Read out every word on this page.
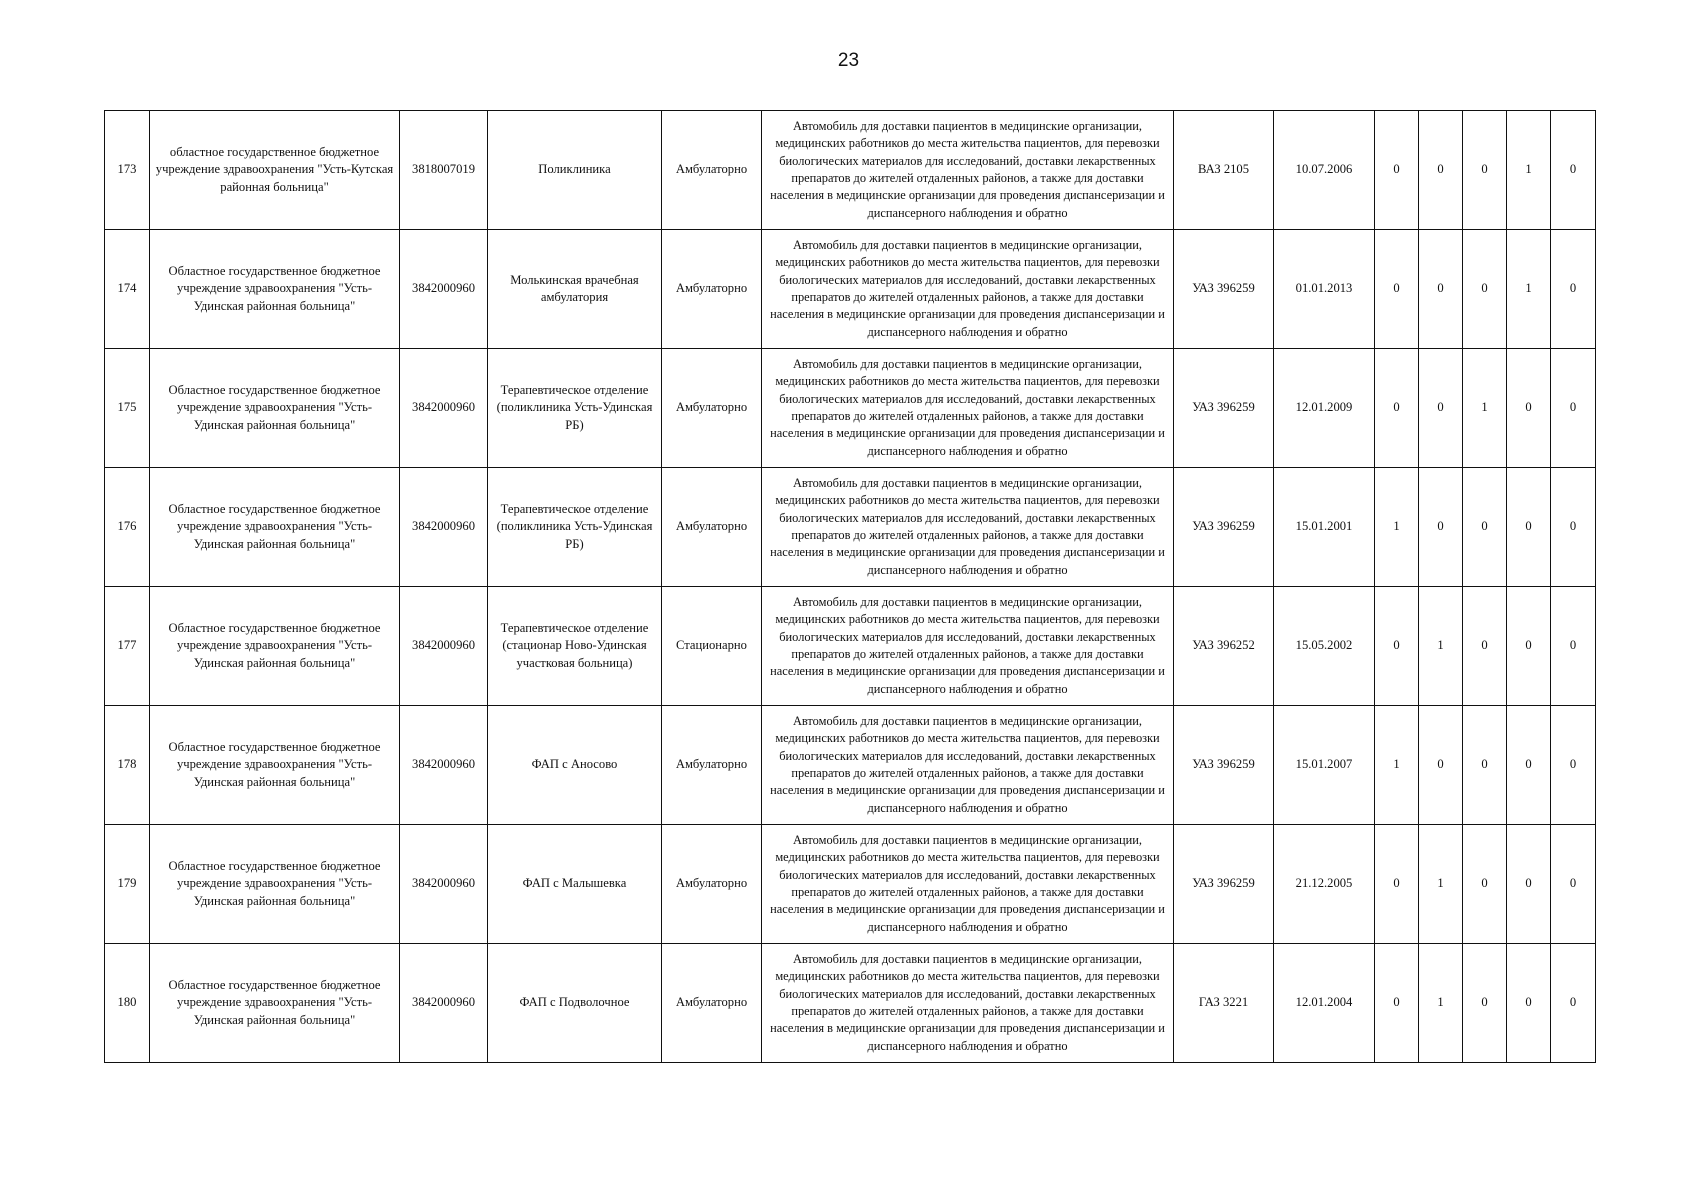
23
173	областное государственное бюджетное учреждение здравоохранения "Усть-Кутская районная больница"	3818007019	Поликлиника	Амбулаторно	Автомобиль для доставки пациентов в медицинские организации, медицинских работников до места жительства пациентов, для перевозки биологических материалов для исследований, доставки лекарственных препаратов до жителей отдаленных районов, а также для доставки населения в медицинские организации для проведения диспансеризации и диспансерного наблюдения и обратно	ВАЗ 2105	10.07.2006	0	0	0	1	0
174	Областное государственное бюджетное учреждение здравоохранения "Усть-Удинская районная больница"	3842000960	Молькинская врачебная амбулатория	Амбулаторно	Автомобиль для доставки пациентов в медицинские организации, медицинских работников до места жительства пациентов, для перевозки биологических материалов для исследований, доставки лекарственных препаратов до жителей отдаленных районов, а также для доставки населения в медицинские организации для проведения диспансеризации и диспансерного наблюдения и обратно	УАЗ 396259	01.01.2013	0	0	0	1	0
175	Областное государственное бюджетное учреждение здравоохранения "Усть-Удинская районная больница"	3842000960	Терапевтическое отделение (поликлиника Усть-Удинская РБ)	Амбулаторно	Автомобиль для доставки пациентов в медицинские организации, медицинских работников до места жительства пациентов, для перевозки биологических материалов для исследований, доставки лекарственных препаратов до жителей отдаленных районов, а также для доставки населения в медицинские организации для проведения диспансеризации и диспансерного наблюдения и обратно	УАЗ 396259	12.01.2009	0	0	1	0	0
176	Областное государственное бюджетное учреждение здравоохранения "Усть-Удинская районная больница"	3842000960	Терапевтическое отделение (поликлиника Усть-Удинская РБ)	Амбулаторно	Автомобиль для доставки пациентов в медицинские организации, медицинских работников до места жительства пациентов, для перевозки биологических материалов для исследований, доставки лекарственных препаратов до жителей отдаленных районов, а также для доставки населения в медицинские организации для проведения диспансеризации и диспансерного наблюдения и обратно	УАЗ 396259	15.01.2001	1	0	0	0	0
177	Областное государственное бюджетное учреждение здравоохранения "Усть-Удинская районная больница"	3842000960	Терапевтическое отделение (стационар Ново-Удинская участковая больница)	Стационарно	Автомобиль для доставки пациентов в медицинские организации, медицинских работников до места жительства пациентов, для перевозки биологических материалов для исследований, доставки лекарственных препаратов до жителей отдаленных районов, а также для доставки населения в медицинские организации для проведения диспансеризации и диспансерного наблюдения и обратно	УАЗ 396252	15.05.2002	0	1	0	0	0
178	Областное государственное бюджетное учреждение здравоохранения "Усть-Удинская районная больница"	3842000960	ФАП с Аносово	Амбулаторно	Автомобиль для доставки пациентов в медицинские организации, медицинских работников до места жительства пациентов, для перевозки биологических материалов для исследований, доставки лекарственных препаратов до жителей отдаленных районов, а также для доставки населения в медицинские организации для проведения диспансеризации и диспансерного наблюдения и обратно	УАЗ 396259	15.01.2007	1	0	0	0	0
179	Областное государственное бюджетное учреждение здравоохранения "Усть-Удинская районная больница"	3842000960	ФАП с Малышевка	Амбулаторно	Автомобиль для доставки пациентов в медицинские организации, медицинских работников до места жительства пациентов, для перевозки биологических материалов для исследований, доставки лекарственных препаратов до жителей отдаленных районов, а также для доставки населения в медицинские организации для проведения диспансеризации и диспансерного наблюдения и обратно	УАЗ 396259	21.12.2005	0	1	0	0	0
180	Областное государственное бюджетное учреждение здравоохранения "Усть-Удинская районная больница"	3842000960	ФАП с Подволочное	Амбулаторно	Автомобиль для доставки пациентов в медицинские организации, медицинских работников до места жительства пациентов, для перевозки биологических материалов для исследований, доставки лекарственных препаратов до жителей отдаленных районов, а также для доставки населения в медицинские организации для проведения диспансеризации и диспансерного наблюдения и обратно	ГАЗ 3221	12.01.2004	0	1	0	0	0
